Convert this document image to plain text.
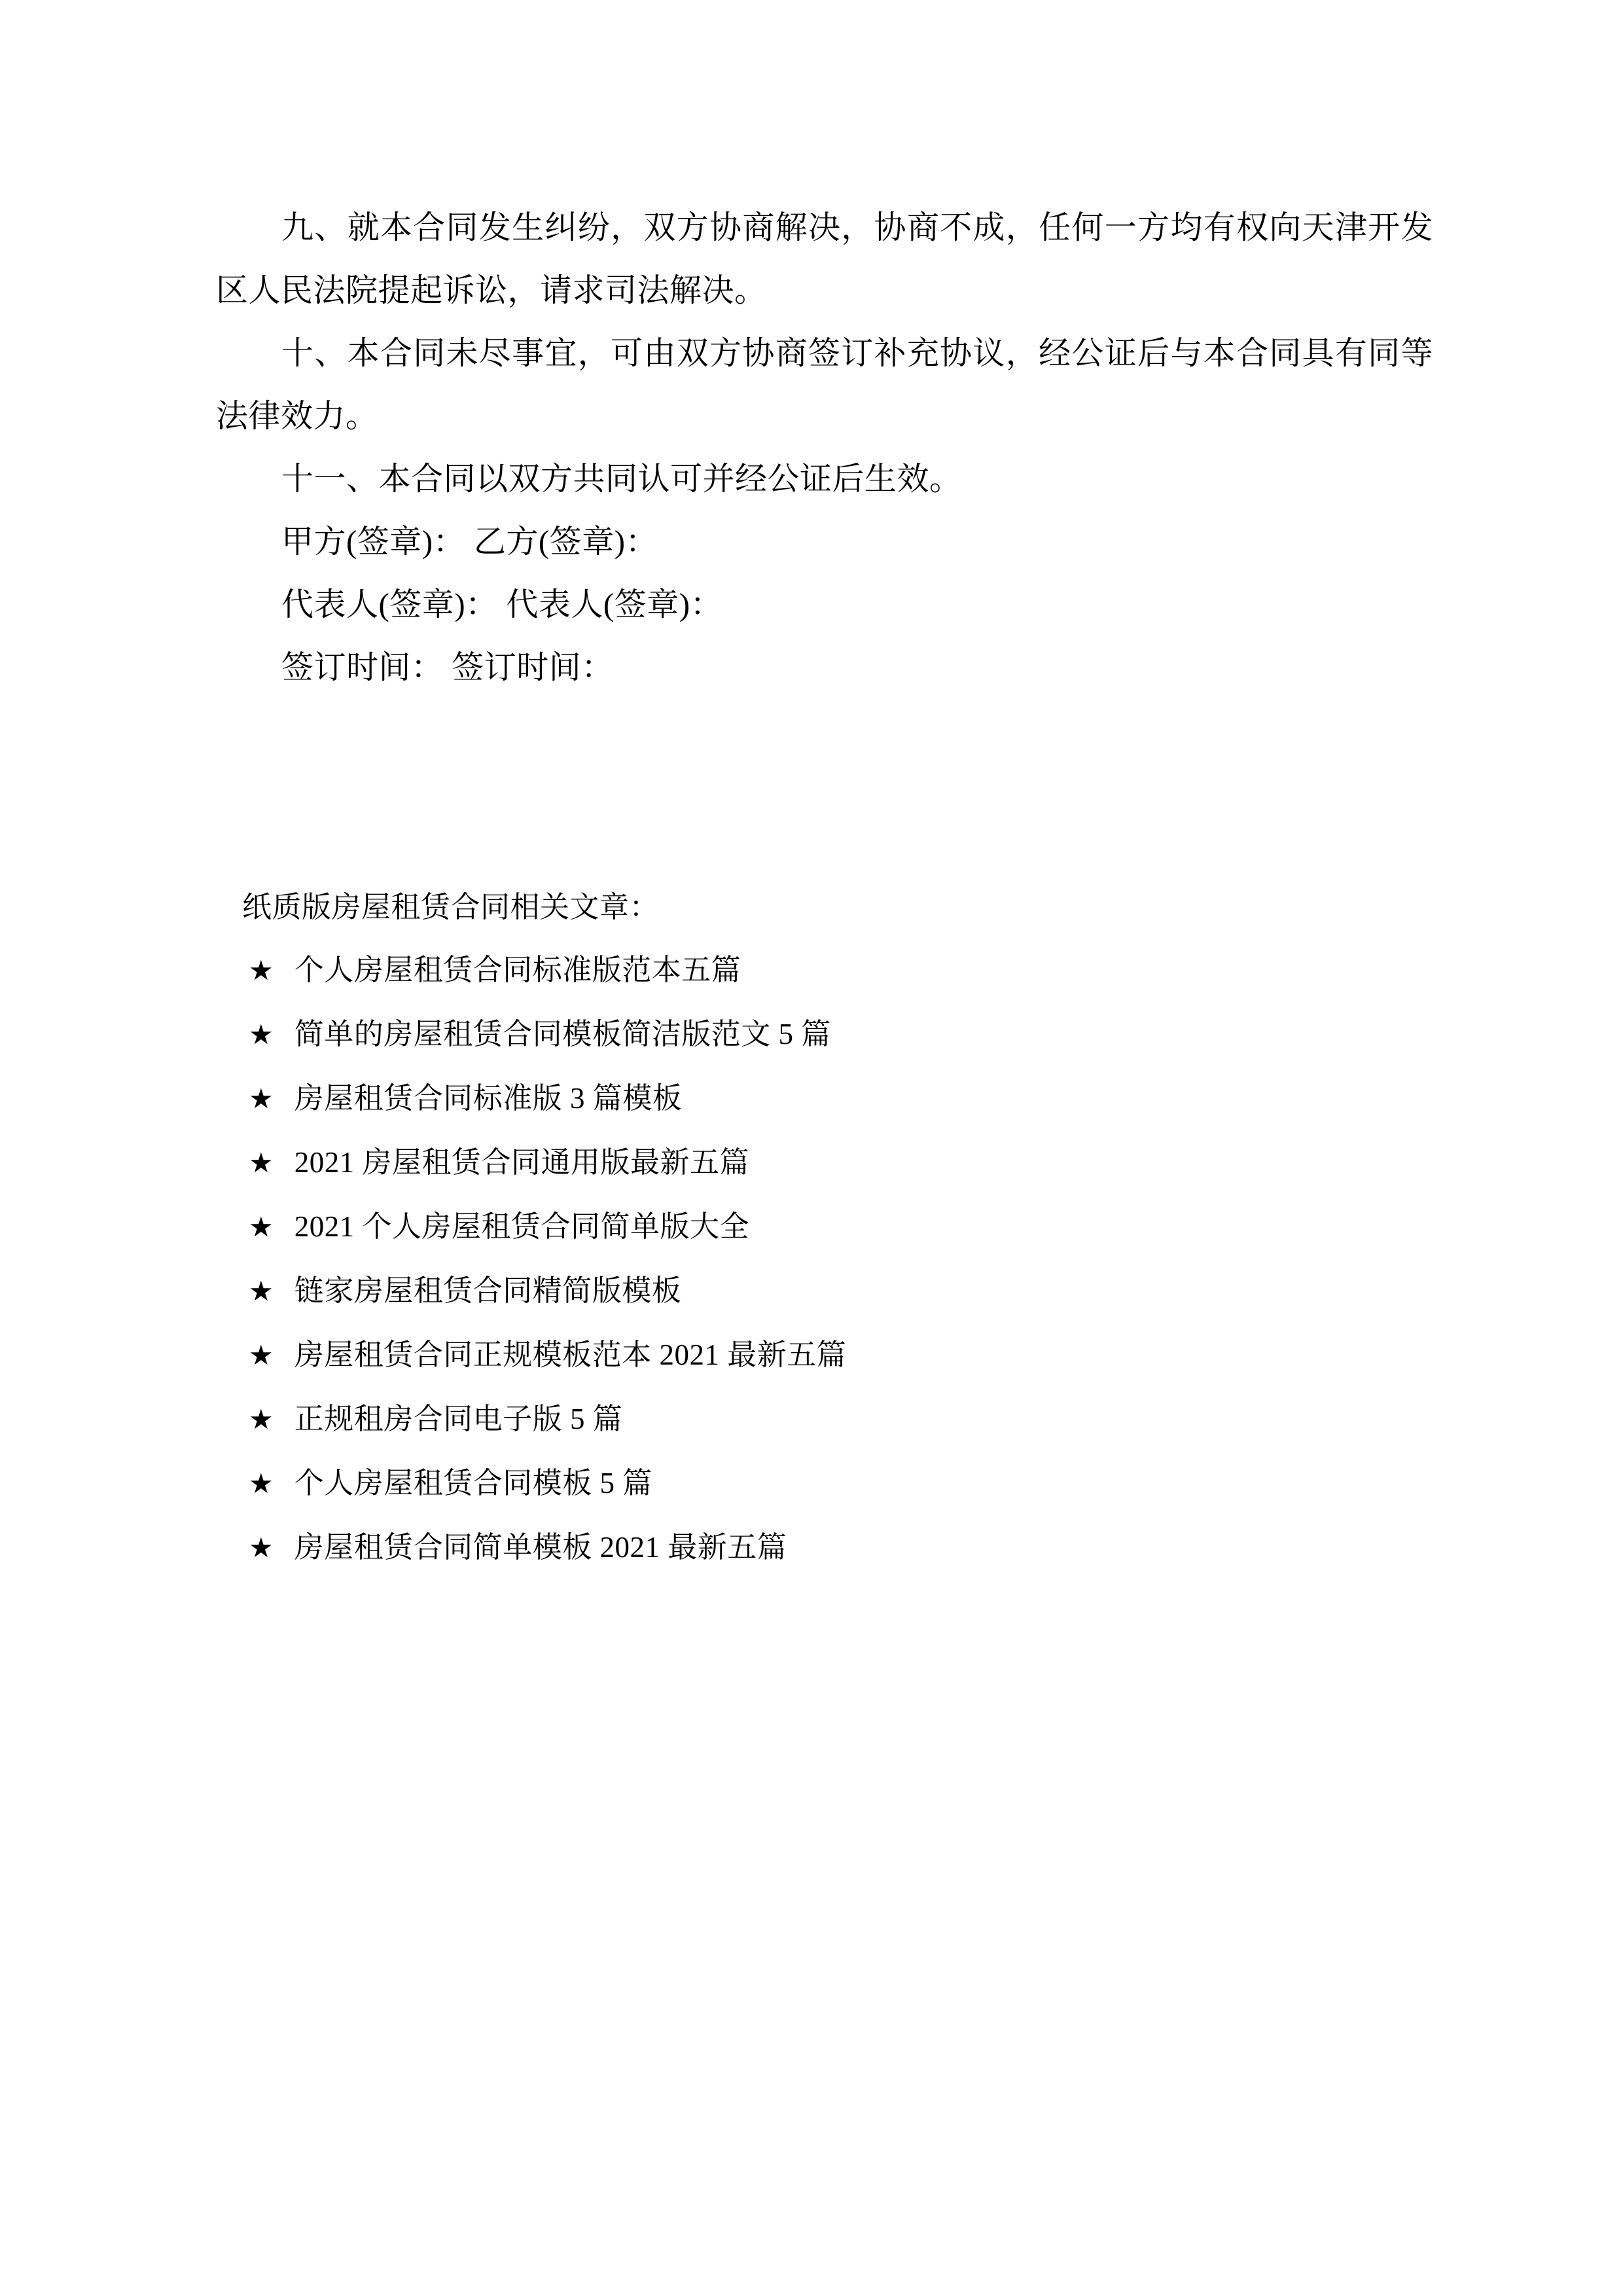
九、就本合同发生纠纷，双方协商解决，协商不成，任何一方均有权向天津开发区人民法院提起诉讼，请求司法解决。

十、本合同未尽事宜，可由双方协商签订补充协议，经公证后与本合同具有同等法律效力。

十一、本合同以双方共同认可并经公证后生效。

甲方(签章)： 乙方(签章)：

代表人(签章)： 代表人(签章)：

签订时间： 签订时间：

纸质版房屋租赁合同相关文章：

★ 个人房屋租赁合同标准版范本五篇
★ 简单的房屋租赁合同模板简洁版范文 5 篇
★ 房屋租赁合同标准版 3 篇模板
★ 2021 房屋租赁合同通用版最新五篇
★ 2021 个人房屋租赁合同简单版大全
★ 链家房屋租赁合同精简版模板
★ 房屋租赁合同正规模板范本 2021 最新五篇
★ 正规租房合同电子版 5 篇
★ 个人房屋租赁合同模板 5 篇
★ 房屋租赁合同简单模板 2021 最新五篇
